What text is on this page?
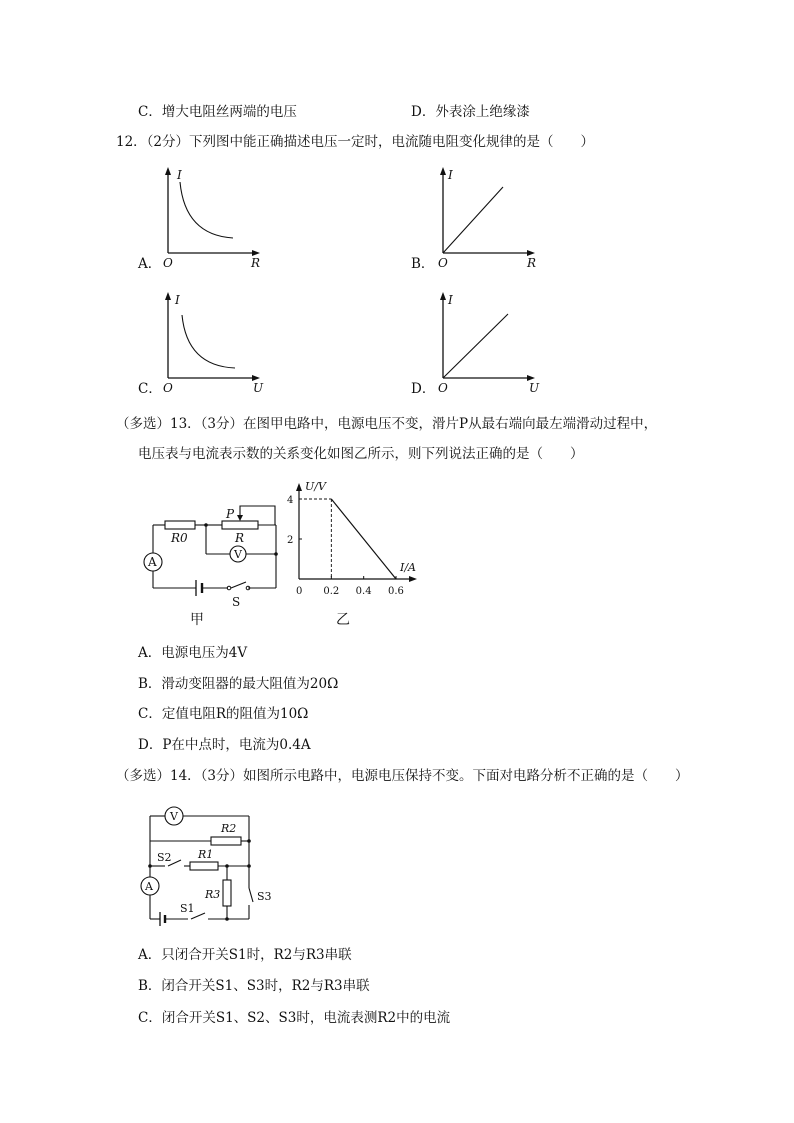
C．增大电阻丝两端的电压	D．外表涂上绝缘漆
12．（2分）下列图中能正确描述电压一定时，电流随电阻变化规律的是（　　）
A．
I
O	R	B．
I
O	R
C．
I
O	U	D．
I
O	U
（多选）13．（3分）在图甲电路中，电源电压不变，滑片P从最右端向最左端滑动过程中，
电压表与电流表示数的关系变化如图乙所示，则下列说法正确的是（　　）
P
R
R0
V
A
S
甲
U/V
I/A
0 0.2 0.4 0.6
4
2
乙
A．电源电压为4V
B．滑动变阻器的最大阻值为20Ω
C．定值电阻R的阻值为10Ω
D．P在中点时，电流为0.4A
（多选）14．（3分）如图所示电路中，电源电压保持不变。下面对电路分析不正确的是（　　）
V
A
R2
R1
R3
S2
S3
S1
A．只闭合开关S1时，R2与R3串联
B．闭合开关S1、S3时，R2与R3串联
C．闭合开关S1、S2、S3时，电流表测R2中的电流
